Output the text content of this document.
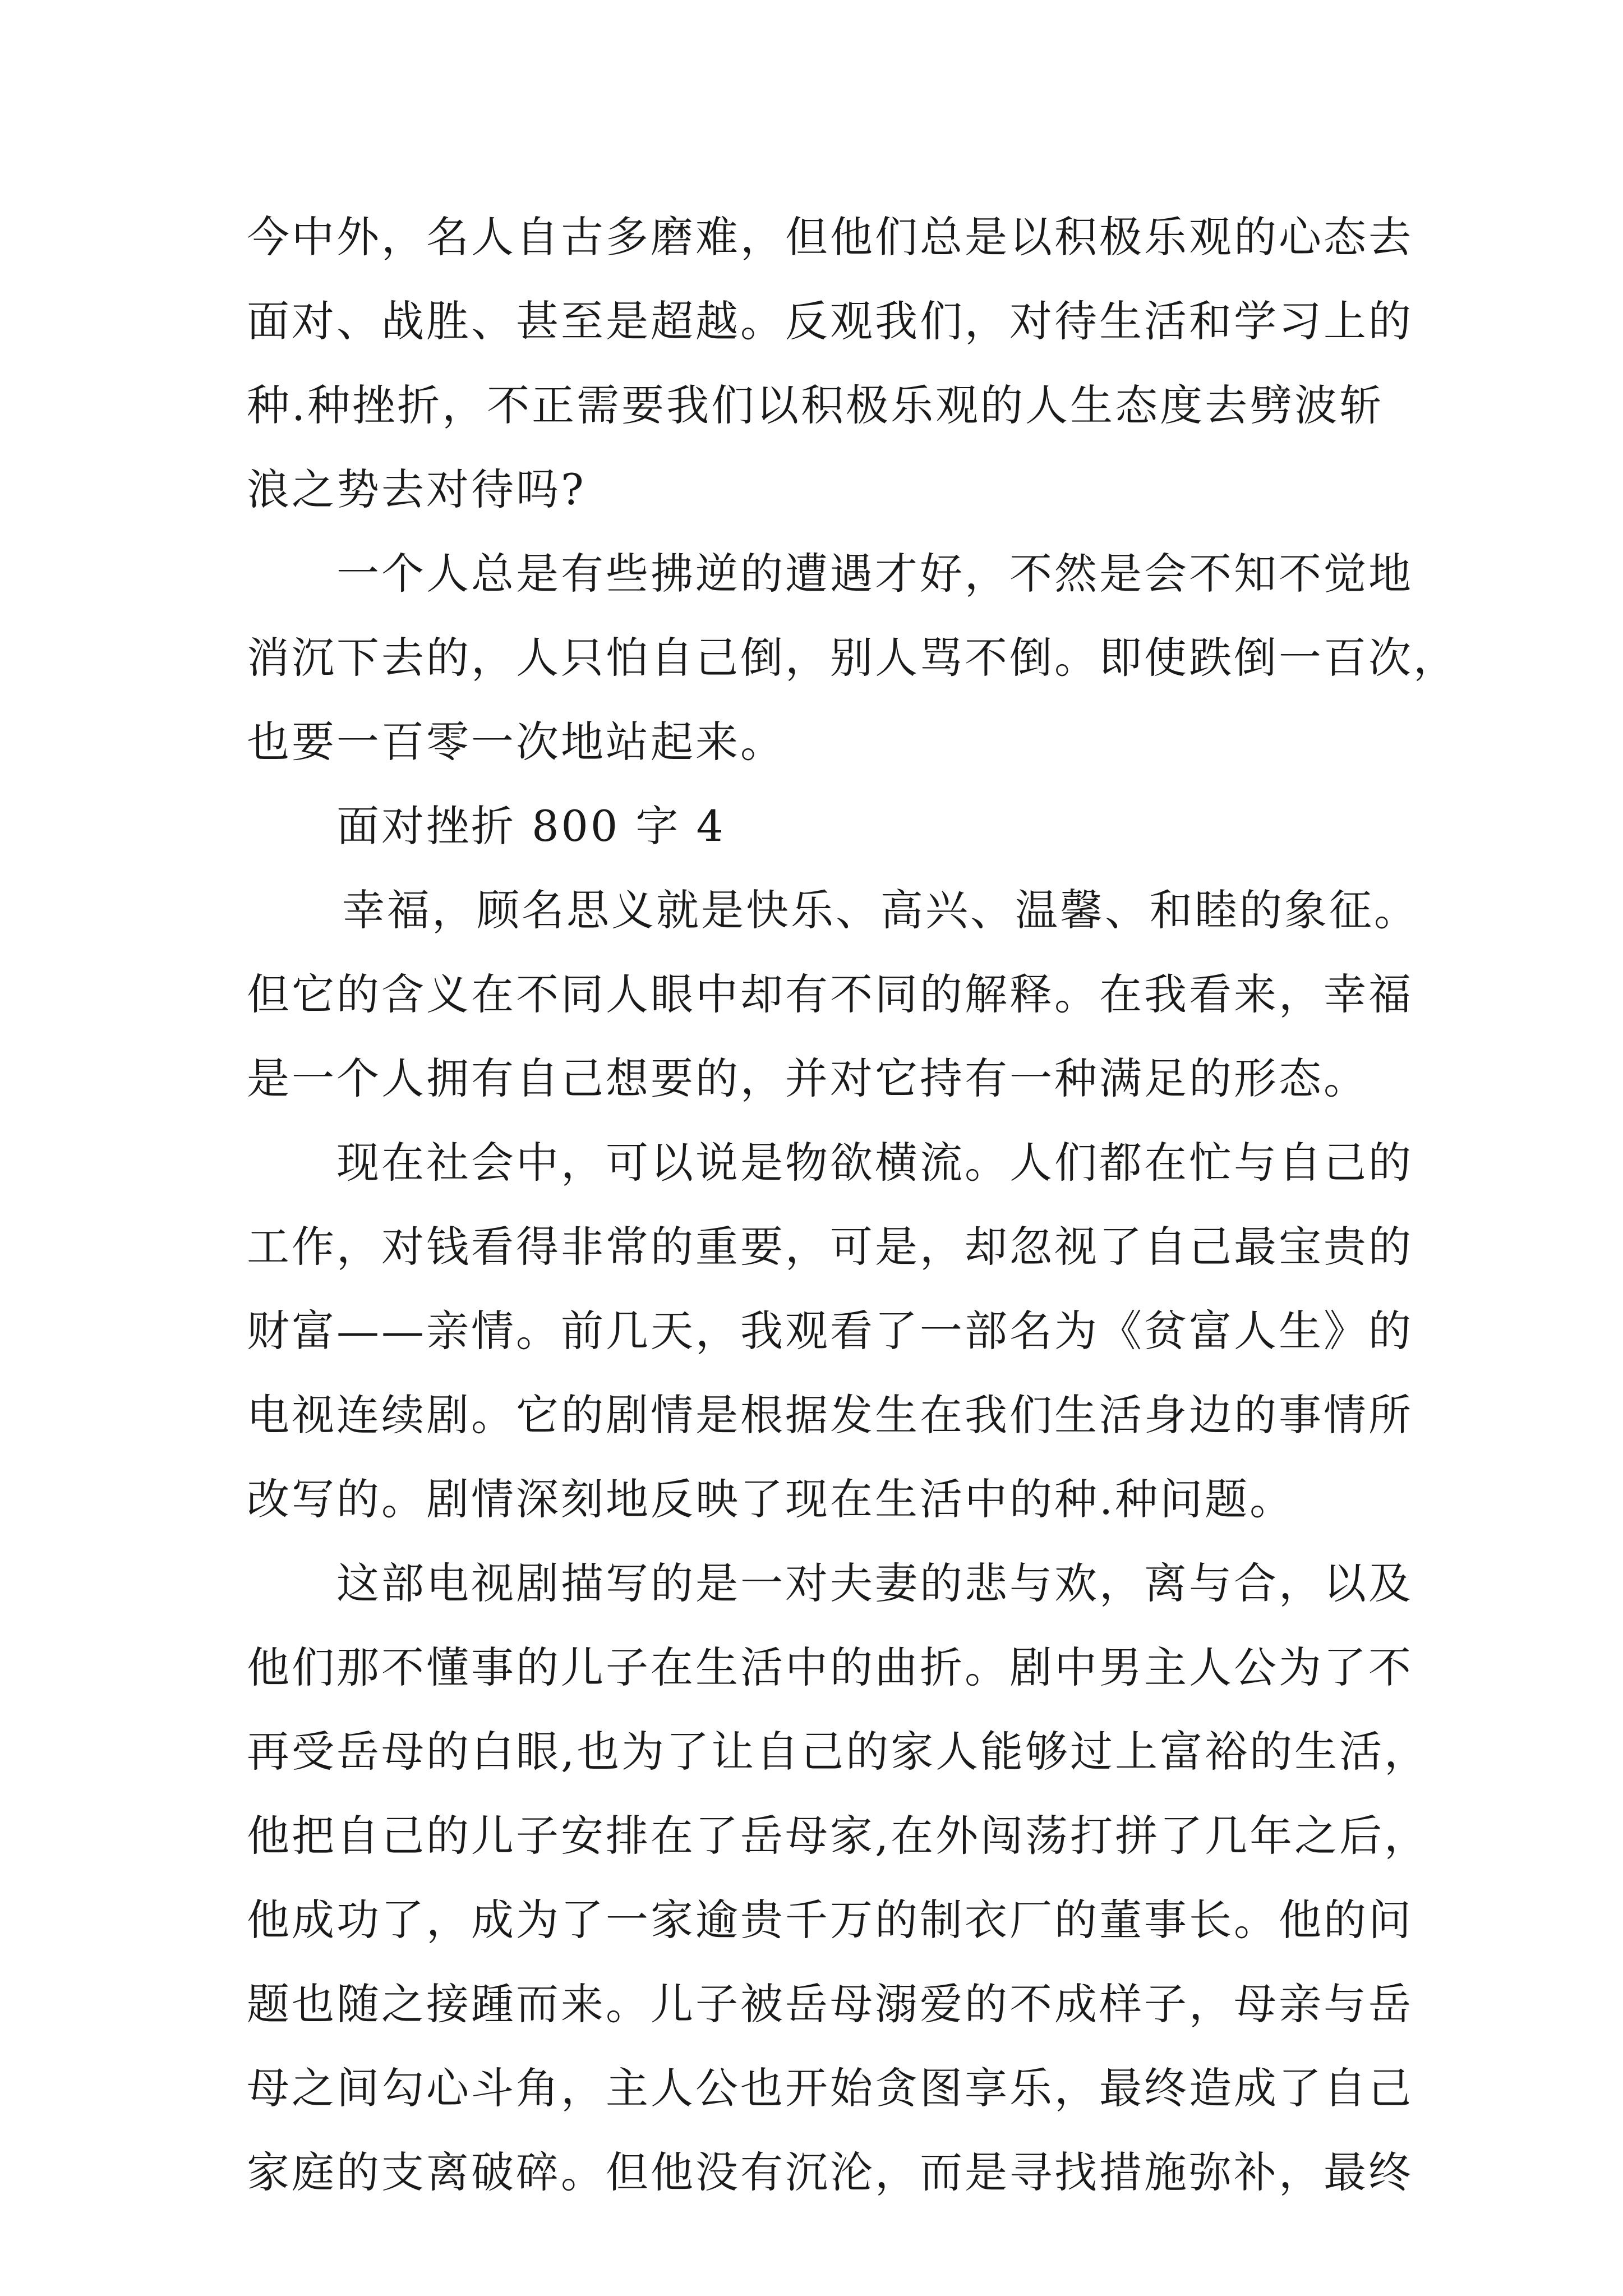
今中外，名人自古多磨难，但他们总是以积极乐观的心态去
面对、战胜、甚至是超越。反观我们，对待生活和学习上的
种.种挫折，不正需要我们以积极乐观的人生态度去劈波斩
浪之势去对待吗?
一个人总是有些拂逆的遭遇才好，不然是会不知不觉地
消沉下去的，人只怕自己倒，别人骂不倒。即使跌倒一百次，
也要一百零一次地站起来。
面对挫折 800 字 4
幸福，顾名思义就是快乐、高兴、温馨、和睦的象征。
但它的含义在不同人眼中却有不同的解释。在我看来，幸福
是一个人拥有自己想要的，并对它持有一种满足的形态。
现在社会中，可以说是物欲横流。人们都在忙与自己的
工作，对钱看得非常的重要，可是，却忽视了自己最宝贵的
财富——亲情。前几天，我观看了一部名为《贫富人生》的
电视连续剧。它的剧情是根据发生在我们生活身边的事情所
改写的。剧情深刻地反映了现在生活中的种.种问题。
这部电视剧描写的是一对夫妻的悲与欢，离与合，以及
他们那不懂事的儿子在生活中的曲折。剧中男主人公为了不
再受岳母的白眼,也为了让自己的家人能够过上富裕的生活，
他把自己的儿子安排在了岳母家,在外闯荡打拼了几年之后，
他成功了，成为了一家逾贵千万的制衣厂的董事长。他的问
题也随之接踵而来。儿子被岳母溺爱的不成样子，母亲与岳
母之间勾心斗角，主人公也开始贪图享乐，最终造成了自己
家庭的支离破碎。但他没有沉沦，而是寻找措施弥补，最终
